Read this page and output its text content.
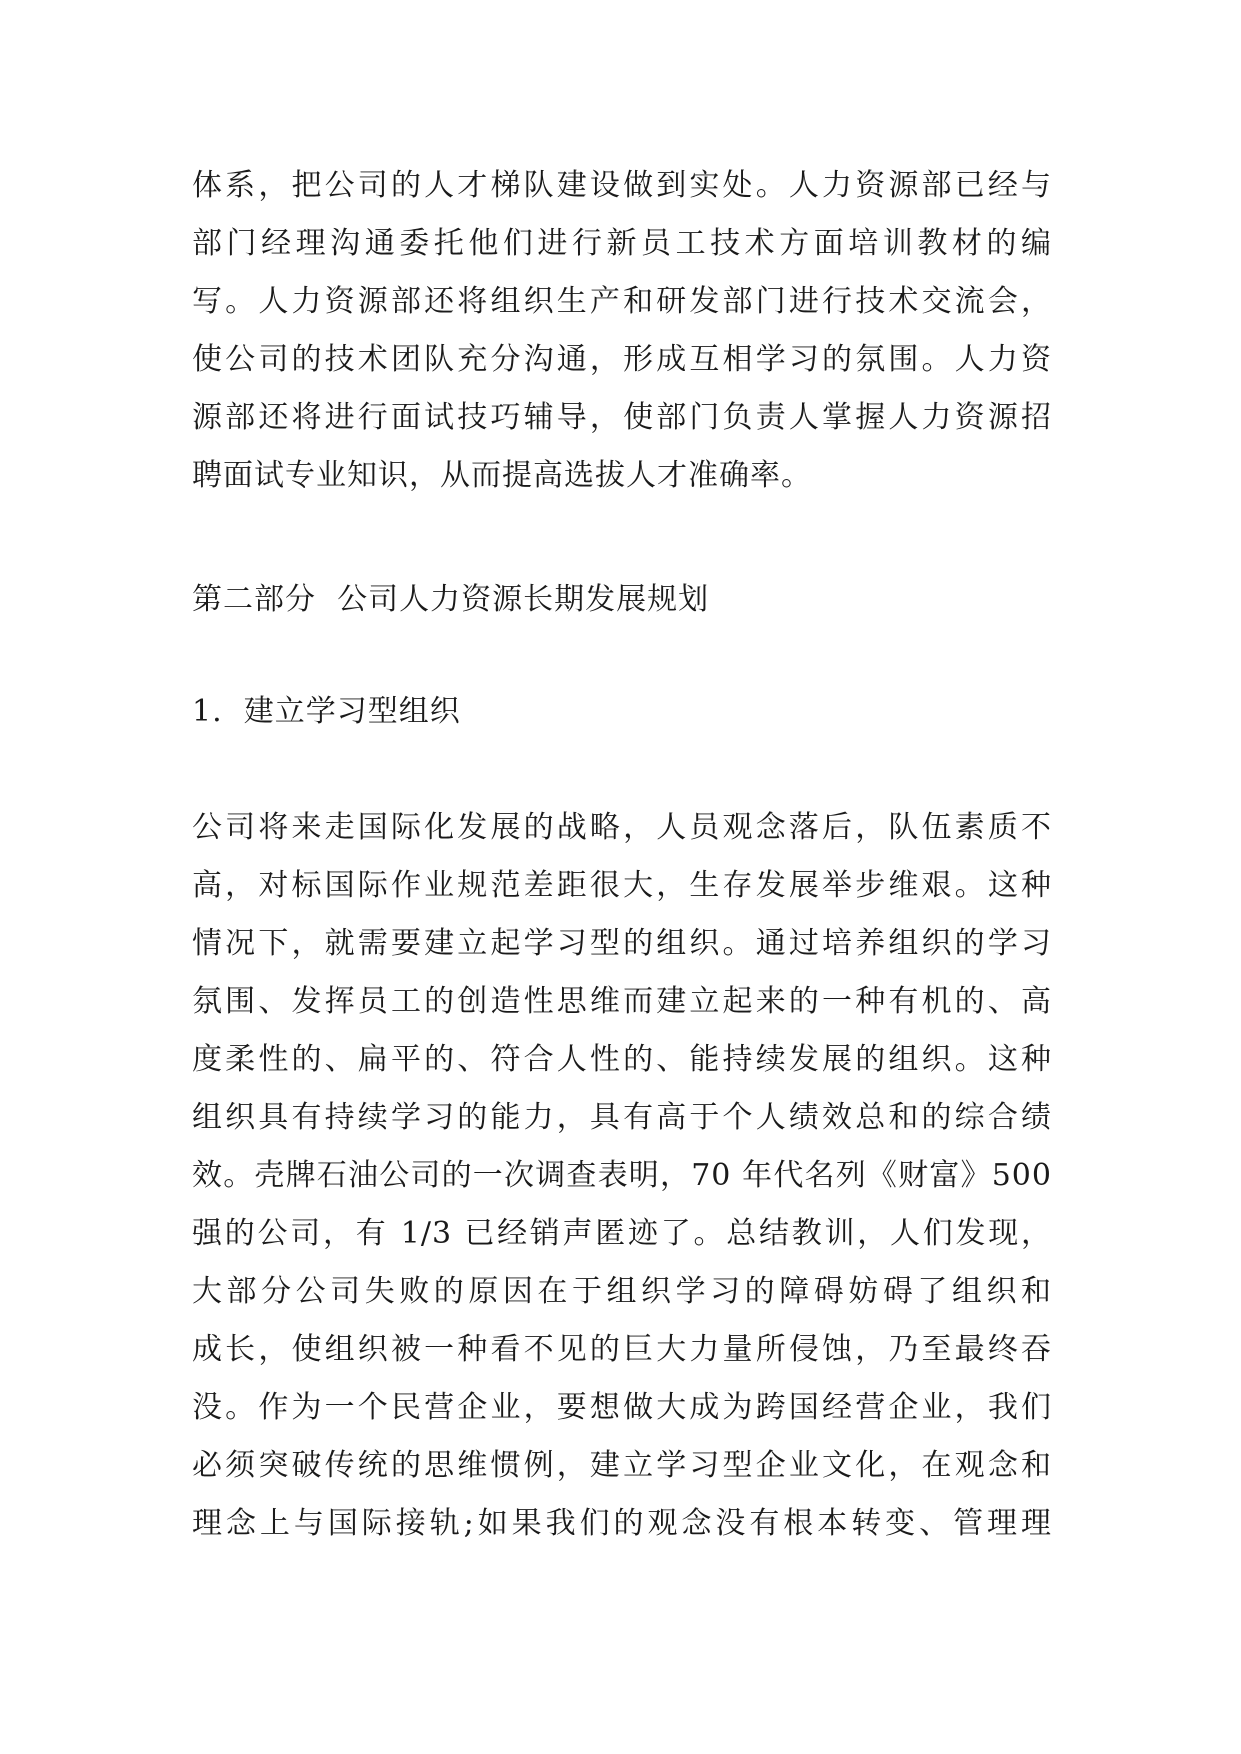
体系，把公司的人才梯队建设做到实处。人力资源部已经与
部门经理沟通委托他们进行新员工技术方面培训教材的编
写。人力资源部还将组织生产和研发部门进行技术交流会，
使公司的技术团队充分沟通，形成互相学习的氛围。人力资
源部还将进行面试技巧辅导，使部门负责人掌握人力资源招
聘面试专业知识，从而提高选拔人才准确率。
第二部分  公司人力资源长期发展规划
1.  建立学习型组织
公司将来走国际化发展的战略，人员观念落后，队伍素质不
高，对标国际作业规范差距很大，生存发展举步维艰。这种
情况下，就需要建立起学习型的组织。通过培养组织的学习
氛围、发挥员工的创造性思维而建立起来的一种有机的、高
度柔性的、扁平的、符合人性的、能持续发展的组织。这种
组织具有持续学习的能力，具有高于个人绩效总和的综合绩
效。壳牌石油公司的一次调查表明，70 年代名列《财富》500
强的公司，有 1/3 已经销声匿迹了。总结教训，人们发现，
大部分公司失败的原因在于组织学习的障碍妨碍了组织和
成长，使组织被一种看不见的巨大力量所侵蚀，乃至最终吞
没。作为一个民营企业，要想做大成为跨国经营企业，我们
必须突破传统的思维惯例，建立学习型企业文化，在观念和
理念上与国际接轨;如果我们的观念没有根本转变、管理理
